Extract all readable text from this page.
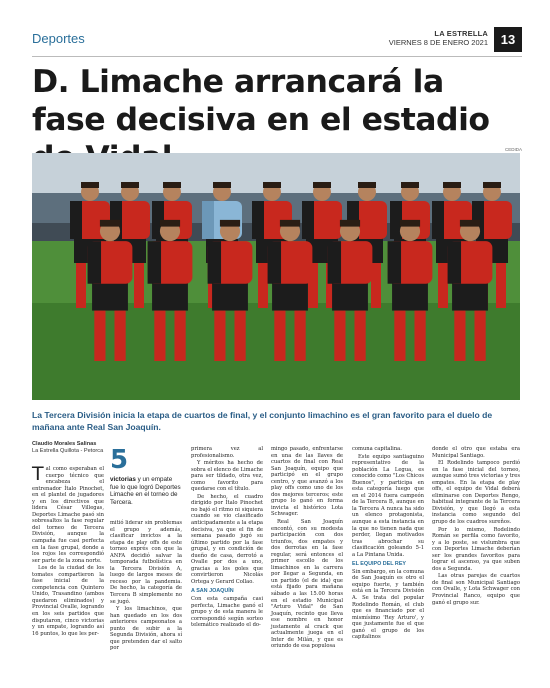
Deportes	LA ESTRELLA
VIERNES 8 DE ENERO 2021 13
D. Limache arrancará la fase decisiva en el estadio
CEDIDA

La Tercera División inicia la etapa de cuartos de final, y el conjunto limachino es el gran favorito para el duelo de mañana ante Real San Joaquín.

Claudio Morales Salinas
La Estrella Quillota - Petorca

Tal como esperaban el cuerpo técnico que encabeza el entrenador Ítalo Pinochet, en el plantel de jugadores y en los directivos que lidera César Villegas, Deportes Limache pasó sin sobresaltos la fase regular del torneo de Tercera División, aunque la campaña fue casi perfecta en la fase grupal, donde a los rojos les correspondió ser parte de la zona norte.

Los de la ciudad de los tomates compartieron la fase inicial de la competencia con Quintero Unido, Trasandino (ambos quedaron eliminados) y Provincial Ovalle, logrando en los seis partidos que disputaron, cinco victorias y un empate, logrando así 16 puntos, lo que les per-

5
victorias y un empate fue lo que logró Deportes Limache en el torneo de Tercera.

mitió liderar sin problemas el grupo y además, clasificar invictos a la etapa de play offs de este torneo exprés con que la ANFA decidió salvar la temporada futbolística en la Tercera División A, luego de largos meses de receso por la pandemia. De hecho, la categoría de Tercera B simplemente no se jugó.

Y los limachinos, que han quedado en los dos anteriores campeonatos a punto de subir a la Segunda División, ahora sí que pretenden dar el salto por

primera vez al profesionalismo.

Y méritos ha hecho de sobra el elenco de Limache para ser tildado, otra vez, como favorito para quedarse con el título.

De hecho, el cuadro dirigido por Ítalo Pinochet no bajó el ritmo ni siquiera cuando se vio clasificado anticipadamente a la etapa decisiva, ya que el fin de semana pasado jugó su último partido por la fase grupal, y en condición de dueño de casa, derrotó a Ovalle por dos a uno, gracias a los goles que convirtieron Nicolás Ortega y Gerard Collao.

A SAN JOAQUÍN

Con esta campaña casi perfecta, Limache ganó el grupo y de esta manera le correspondió según sorteo telemático realizado el do-

mingo pasado, enfrentarse en una de las llaves de cuartos de final con Real San Joaquín, equipo que participó en el grupo centro, y que avanzó a los play offs como uno de los dos mejores terceros; este grupo lo ganó en forma invicta el histórico Lota Schwager.

Real San Joaquín encontó, con su modesta participación con dos triunfos, dos empates y dos derrotas en la fase regular, será entonces el primer escollo de los limachinos en la carrera por llegar a Segunda, en un partido (el de ida) que está fijado para mañana sábado a las 15.00 horas en el estadio Municipal "Arturo Vidal" de San Joaquín, recinto que lleva ese nombre en honor justamente al crack que actualmente juega en el Inter de Milán, y que es oriundo de esa populosa

comuna capitalina.

Este equipo santiaguino representativo de la población La Legua, es conocido como "Los Chicos Buenos", y participa en esta categoría luego que en el 2014 fuera campeón de la Tercera B, aunque en la Tercera A nunca ha sido un elenco protagonista, aunque a esta instancia en la que no tienen nada que perder, llegan motivados tras abrochar su clasificación goleando 5-1 a La Pintana Unida.

EL EQUIPO DEL REY

Sin embargo, en la comuna de San Joaquín es otro el equipo fuerte, y también está en la Tercera División A. Se trata del popular Rodelindo Román, el club que es financiado por el mismísimo 'Rey Arturo', y que justamente fue el que ganó el grupo de los capitalinos

donde el otro que estaba era Municipal Santiago.

El Rodelindo tampoco perdió en la fase inicial del torneo, aunque sumó tres victorias y tres empates. En la etapa de play offs, el equipo de Vidal deberá eliminarse con Deportes Rengo, habitual integrante de la Tercera División, y que llegó a esta instancia como segundo del grupo de los cuadros sureños.

Por lo mismo, Rodelindo Román se perfila como favorito, y a lo poste, se vislumbra que con Deportes Limache deberían ser los grandes favoritos para lograr el ascenso, ya que suben dos a Segunda.

Las otras parejas de cuartos de final son Municipal Santiago con Ovalle, y Lota Schwager con Provincial Ranco, equipo que ganó el grupo sur.
